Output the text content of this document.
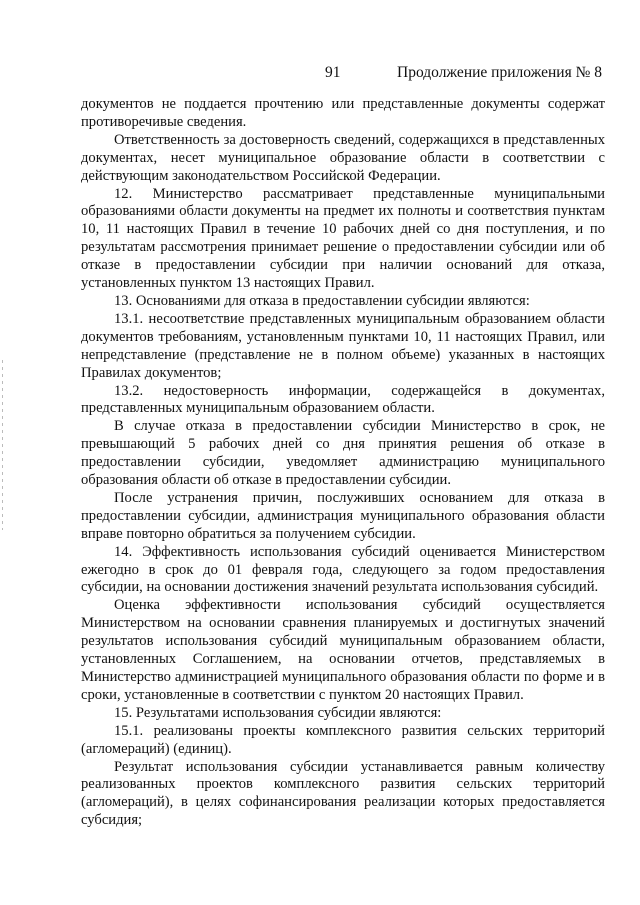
91	Продолжение приложения № 8

документов не поддается прочтению или представленные документы содержат противоречивые сведения.

Ответственность за достоверность сведений, содержащихся в представленных документах, несет муниципальное образование области в соответствии с действующим законодательством Российской Федерации.

12. Министерство рассматривает представленные муниципальными образованиями области документы на предмет их полноты и соответствия пунктам 10, 11 настоящих Правил в течение 10 рабочих дней со дня поступления, и по результатам рассмотрения принимает решение о предоставлении субсидии или об отказе в предоставлении субсидии при наличии оснований для отказа, установленных пунктом 13 настоящих Правил.

13. Основаниями для отказа в предоставлении субсидии являются:

13.1. несоответствие представленных муниципальным образованием области документов требованиям, установленным пунктами 10, 11 настоящих Правил, или непредставление (представление не в полном объеме) указанных в настоящих Правилах документов;

13.2. недостоверность информации, содержащейся в документах, представленных муниципальным образованием области.

В случае отказа в предоставлении субсидии Министерство в срок, не превышающий 5 рабочих дней со дня принятия решения об отказе в предоставлении субсидии, уведомляет администрацию муниципального образования области об отказе в предоставлении субсидии.

После устранения причин, послуживших основанием для отказа в предоставлении субсидии, администрация муниципального образования области вправе повторно обратиться за получением субсидии.

14. Эффективность использования субсидий оценивается Министерством ежегодно в срок до 01 февраля года, следующего за годом предоставления субсидии, на основании достижения значений результата использования субсидий.

Оценка эффективности использования субсидий осуществляется Министерством на основании сравнения планируемых и достигнутых значений результатов использования субсидий муниципальным образованием области, установленных Соглашением, на основании отчетов, представляемых в Министерство администрацией муниципального образования области по форме и в сроки, установленные в соответствии с пунктом 20 настоящих Правил.

15. Результатами использования субсидии являются:

15.1. реализованы проекты комплексного развития сельских территорий (агломераций) (единиц).

Результат использования субсидии устанавливается равным количеству реализованных проектов комплексного развития сельских территорий (агломераций), в целях софинансирования реализации которых предоставляется субсидия;
